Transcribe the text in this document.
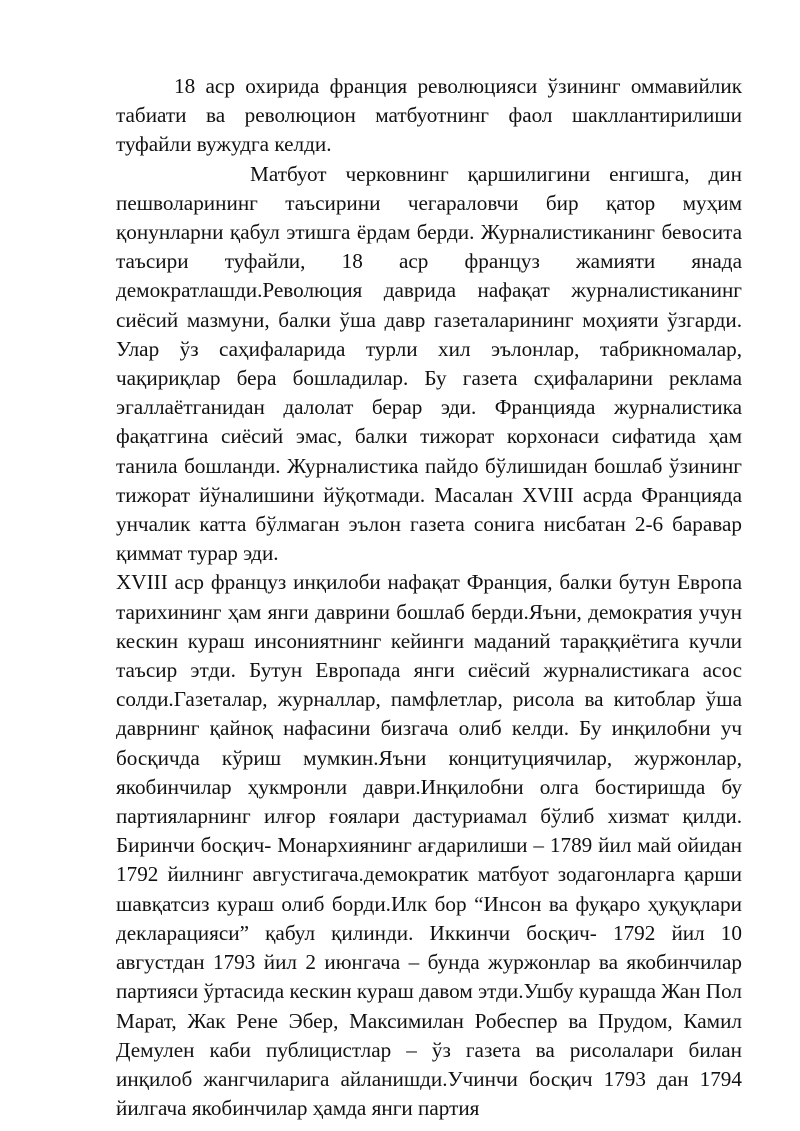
18 аср охирида франция революцияси ўзининг оммавийлик табиати ва революцион матбуотнинг фаол шакллантирилиши туфайли вужудга келди.

Матбуот черковнинг қаршилигини енгишга, дин пешволарининг таъсирини чегараловчи бир қатор муҳим қонунларни қабул этишга ёрдам берди. Журналистиканинг бевосита таъсири туфайли, 18 аср француз жамияти янада демократлашди.Революция даврида нафақат журналистиканинг сиёсий мазмуни, балки ўша давр газеталарининг моҳияти ўзгарди. Улар ўз саҳифаларида турли хил эълонлар, табрикномалар, чақириқлар бера бошладилар. Бу газета сҳифаларини реклама эгаллаётганидан далолат берар эди. Францияда журналистика фақатгина сиёсий эмас, балки тижорат корхонаси сифатида ҳам танила бошланди. Журналистика пайдо бўлишидан бошлаб ўзининг тижорат йўналишини йўқотмади. Масалан XVIII асрда Францияда унчалик катта бўлмаган эълон газета сонига нисбатан 2-6 баравар қиммат турар эди.

XVIII аср француз инқилоби нафақат Франция, балки бутун Европа тарихининг ҳам янги даврини бошлаб берди.Яъни, демократия учун кескин кураш инсониятнинг кейинги маданий тараққиётига кучли таъсир этди. Бутун Европада янги сиёсий журналистикага асос солди.Газеталар, журналлар, памфлетлар, рисола ва китоблар ўша даврнинг қайноқ нафасини бизгача олиб келди. Бу инқилобни уч босқичда кўриш мумкин.Яъни концитуциячилар, журжонлар, якобинчилар ҳукмронли даври.Инқилобни олга бостиришда бу партияларнинг илғор ғоялари дастуриамал бўлиб хизмат қилди. Биринчи босқич- Монархиянинг ағдарилиши – 1789 йил май ойидан 1792 йилнинг августигача.демократик матбуот зодагонларга қарши шавқатсиз кураш олиб борди.Илк бор “Инсон ва фуқаро ҳуқуқлари декларацияси” қабул қилинди. Иккинчи босқич- 1792 йил 10 августдан 1793 йил 2 июнгача – бунда журжонлар ва якобинчилар партияси ўртасида кескин кураш давом этди.Ушбу курашда Жан Пол Марат, Жак Рене Эбер, Максимилан Робеспер ва Прудом, Камил Демулен каби публицистлар – ўз газета ва рисолалари билан инқилоб жангчиларига айланишди.Учинчи босқич 1793 дан 1794 йилгача якобинчилар ҳамда янги партия
